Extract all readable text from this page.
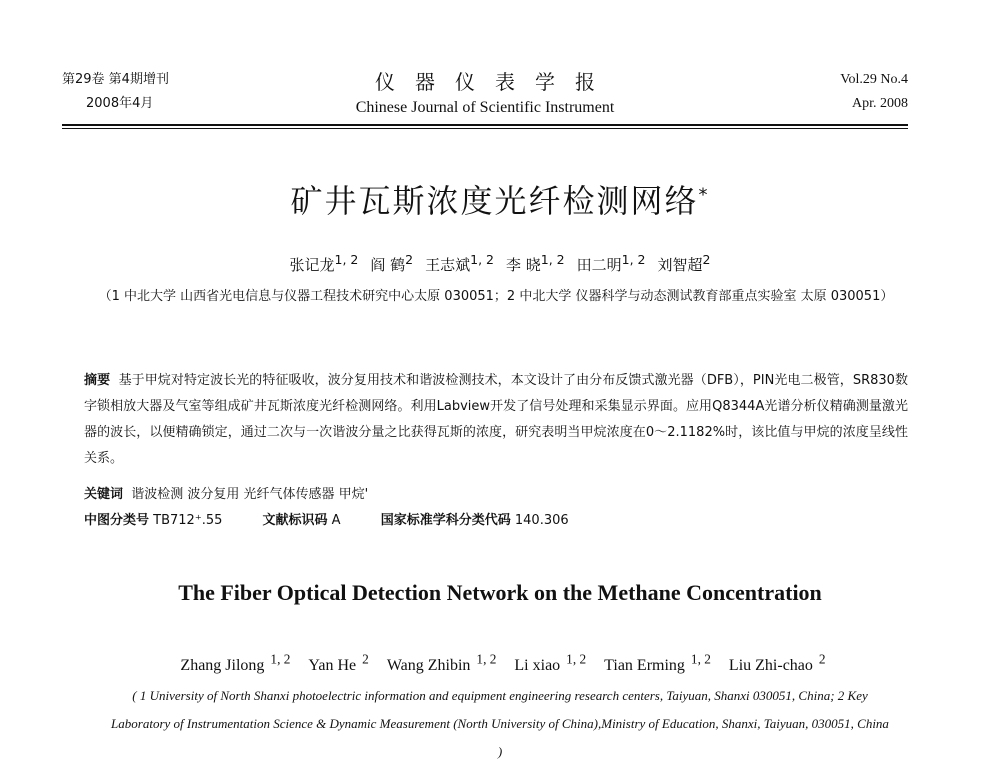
第29卷 第4期增刊
2008年4月
仪器仪表学报
Chinese Journal of Scientific Instrument
Vol.29 No.4
Apr. 2008
矿井瓦斯浓度光纤检测网络*
张记龙$^{1, 2}$ 阎 鹤$^2$ 王志斌$^{1, 2}$ 李 晓$^{1, 2}$ 田二明$^{1, 2}$ 刘智超$^2$
（1 中北大学 山西省光电信息与仪器工程技术研究中心太原 030051；2 中北大学 仪器科学与动态测试教育部重点实验室 太原 030051）
摘要 基于甲烷对特定波长光的特征吸收，波分复用技术和谐波检测技术，本文设计了由分布反馈式激光器（DFB），PIN光电二极管，SR830数字锁相放大器及气室等组成矿井瓦斯浓度光纤检测网络。利用Labview开发了信号处理和采集显示界面。应用Q8344A光谱分析仪精确测量激光器的波长，以便精确锁定，通过二次与一次谐波分量之比获得瓦斯的浓度，研究表明当甲烷浓度在0～2.1182%时，该比值与甲烷的浓度呈线性关系。
关键词 谐波检测 波分复用 光纤气体传感器 甲烷'
中图分类号 TB712⁺.55	文献标识码 A	国家标准学科分类代码 140.306
The Fiber Optical Detection Network on the Methane Concentration
Zhang Jilong $^{1, 2}$ Yan He $^2$ Wang Zhibin $^{1, 2}$ Li xiao $^{1, 2}$ Tian Erming $^{1, 2}$ Liu Zhi-chao $^2$
( 1 University of North Shanxi photoelectric information and equipment engineering research centers, Taiyuan, Shanxi 030051, China; 2 Key Laboratory of Instrumentation Science & Dynamic Measurement (North University of China),Ministry of Education, Shanxi, Taiyuan, 030051, China )
